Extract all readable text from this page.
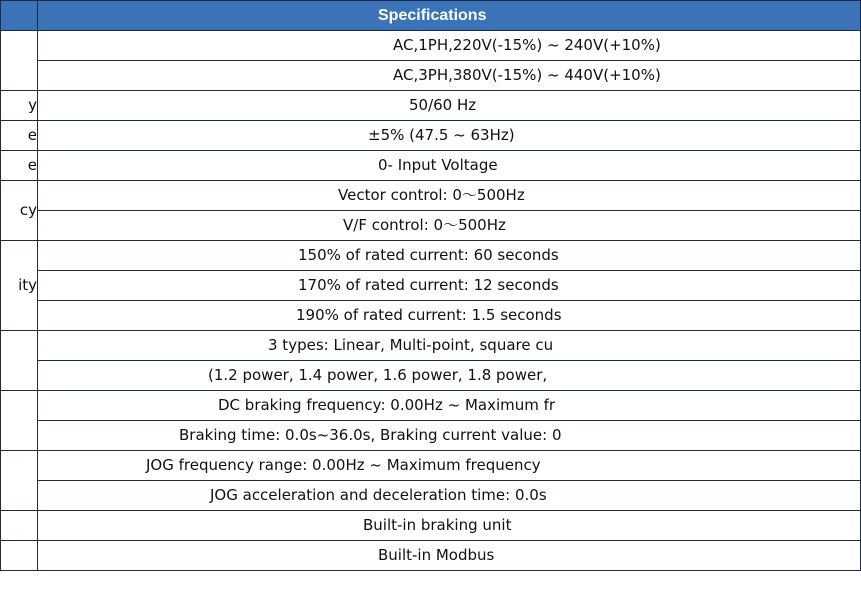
	Specifications
	AC,1PH,220V(-15%) ~ 240V(+10%)
	AC,3PH,380V(-15%) ~ 440V(+10%)
y	50/60 Hz
e	±5% (47.5 ~ 63Hz)
e	0- Input Voltage
cy	Vector control: 0～500Hz
	V/F control: 0～500Hz
ity	150% of rated current: 60 seconds
	170% of rated current: 12 seconds
	190% of rated current: 1.5 seconds
	3 types: Linear, Multi-point, square cu
	(1.2 power, 1.4 power, 1.6 power, 1.8 power,
	DC braking frequency: 0.00Hz ~ Maximum fr
	Braking time: 0.0s~36.0s, Braking current value: 0
	JOG frequency range: 0.00Hz ~ Maximum frequency
	JOG acceleration and deceleration time: 0.0s
	Built-in braking unit
	Built-in Modbus
